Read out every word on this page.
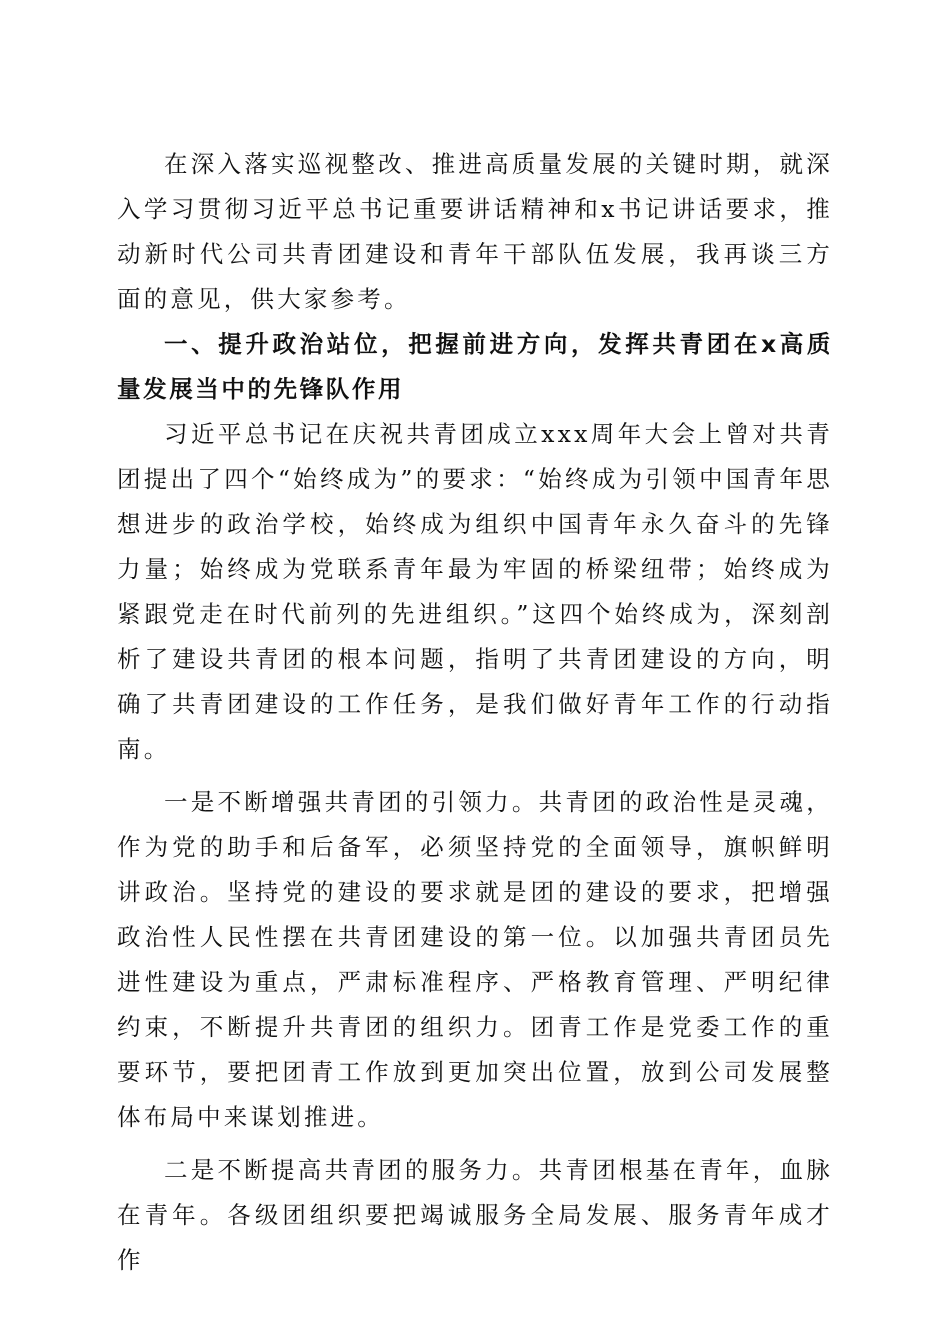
在深入落实巡视整改、推进高质量发展的关键时期，就深入学习贯彻习近平总书记重要讲话精神和x书记讲话要求，推动新时代公司共青团建设和青年干部队伍发展，我再谈三方面的意见，供大家参考。

一、提升政治站位，把握前进方向，发挥共青团在x高质量发展当中的先锋队作用

习近平总书记在庆祝共青团成立xxx周年大会上曾对共青团提出了四个“始终成为”的要求：“始终成为引领中国青年思想进步的政治学校，始终成为组织中国青年永久奋斗的先锋力量；始终成为党联系青年最为牢固的桥梁纽带；始终成为紧跟党走在时代前列的先进组织。”这四个始终成为，深刻剖析了建设共青团的根本问题，指明了共青团建设的方向，明确了共青团建设的工作任务，是我们做好青年工作的行动指南。

一是不断增强共青团的引领力。共青团的政治性是灵魂，作为党的助手和后备军，必须坚持党的全面领导，旗帜鲜明讲政治。坚持党的建设的要求就是团的建设的要求，把增强政治性人民性摆在共青团建设的第一位。以加强共青团员先进性建设为重点，严肃标准程序、严格教育管理、严明纪律约束，不断提升共青团的组织力。团青工作是党委工作的重要环节，要把团青工作放到更加突出位置，放到公司发展整体布局中来谋划推进。

二是不断提高共青团的服务力。共青团根基在青年，血脉在青年。各级团组织要把竭诚服务全局发展、服务青年成才作
